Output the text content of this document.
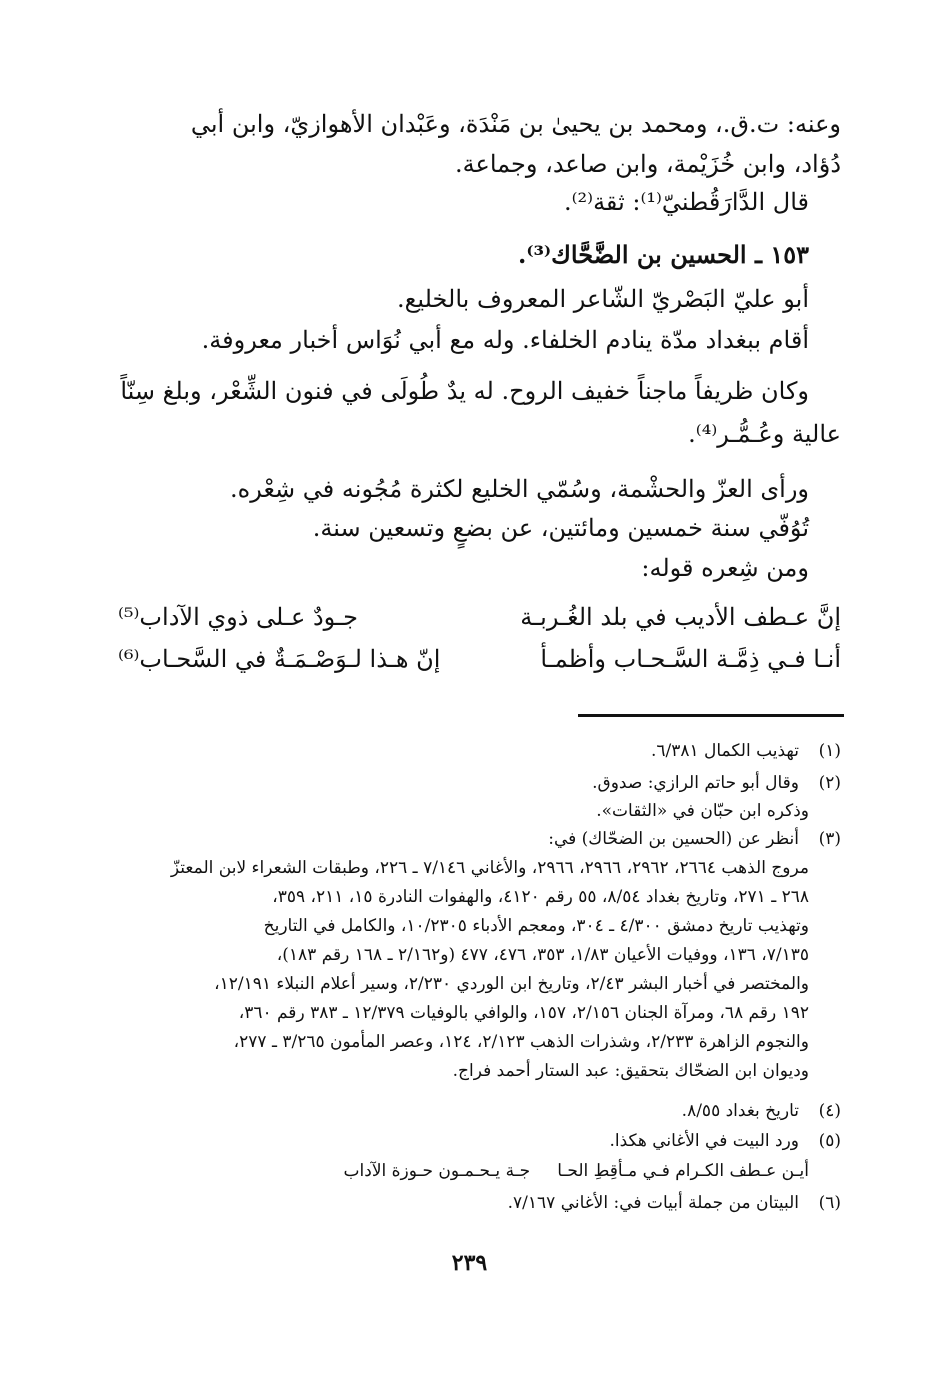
وعنه: ت.ق.، ومحمد بن يحيىٰ بن مَنْدَة، وعَبْدان الأهوازيّ، وابن أبي
دُؤاد، وابن خُزَيْمة، وابن صاعد، وجماعة.
قال الدَّارَقُطنيّ⁽¹⁾: ثقة⁽²⁾.
١٥٣ ـ الحسين بن الضَّحَّاك⁽³⁾.
أبو عليّ البَصْريّ الشّاعر المعروف بالخليع.
أقام ببغداد مدّة ينادم الخلفاء. وله مع أبي نُوَاس أخبار معروفة.
وكان ظريفاً ماجناً خفيف الروح. له يدٌ طُولَى في فنون الشِّعْر، وبلغ سِنّاً
عالية وعُـمُّـر⁽⁴⁾.
ورأى العزّ والحشْمة، وسُمّي الخليع لكثرة مُجُونه في شِعْره.
تُوُفّي سنة خمسين ومائتين، عن بضعٍ وتسعين سنة.
ومن شِعره قوله:
إنَّ عـطف الأديب في بلد الغُـربـة
جـودٌ عـلى ذوي الآداب⁽⁵⁾
أنـا فـي ذِمَّـة السَّـحـاب وأظمـأ
إنّ هـذا لـوَصْـمَـةٌ في السَّحـاب⁽⁶⁾
(١)
تهذيب الكمال ٦/٣٨١.
(٢)
وقال أبو حاتم الرازي: صدوق.
وذكره ابن حبّان في «الثقات».
(٣)
أنظر عن (الحسين بن الضحّاك) في:
مروج الذهب ٢٦٦٤، ٢٩٦٢، ٢٩٦٦، ٢٩٦٦، والأغاني ٧/١٤٦ ـ ٢٢٦، وطبقات الشعراء لابن المعتزّ
٢٦٨ ـ ٢٧١، وتاريخ بغداد ٨/٥٤، ٥٥ رقم ٤١٢٠، والهفوات النادرة ١٥، ٢١١، ٣٥٩،
وتهذيب تاريخ دمشق ٤/٣٠٠ ـ ٣٠٤، ومعجم الأدباء ١٠/٢٣٠٥، والكامل في التاريخ
٧/١٣٥، ١٣٦، ووفيات الأعيان ١/٨٣، ٣٥٣، ٤٧٦، ٤٧٧ (و٢/١٦٢ ـ ١٦٨ رقم ١٨٣)،
والمختصر في أخبار البشر ٢/٤٣، وتاريخ ابن الوردي ٢/٢٣٠، وسير أعلام النبلاء ١٢/١٩١،
١٩٢ رقم ٦٨، ومرآة الجنان ٢/١٥٦، ١٥٧، والوافي بالوفيات ١٢/٣٧٩ ـ ٣٨٣ رقم ٣٦٠،
والنجوم الزاهرة ٢/٢٣٣، وشذرات الذهب ٢/١٢٣، ١٢٤، وعصر المأمون ٣/٢٦٥ ـ ٢٧٧،
وديوان ابن الضحّاك بتحقيق: عبد الستار أحمد فراج.
(٤)
تاريخ بغداد ٨/٥٥.
(٥)
ورد البيت في الأغاني هكذا.
أيـن عـطف الكـرام فـي مـأقِطِ الحـا     جـة يـحـمـون حـوزة الآداب
(٦)
البيتان من جملة أبيات في: الأغاني ٧/١٦٧.
٢٣٩
